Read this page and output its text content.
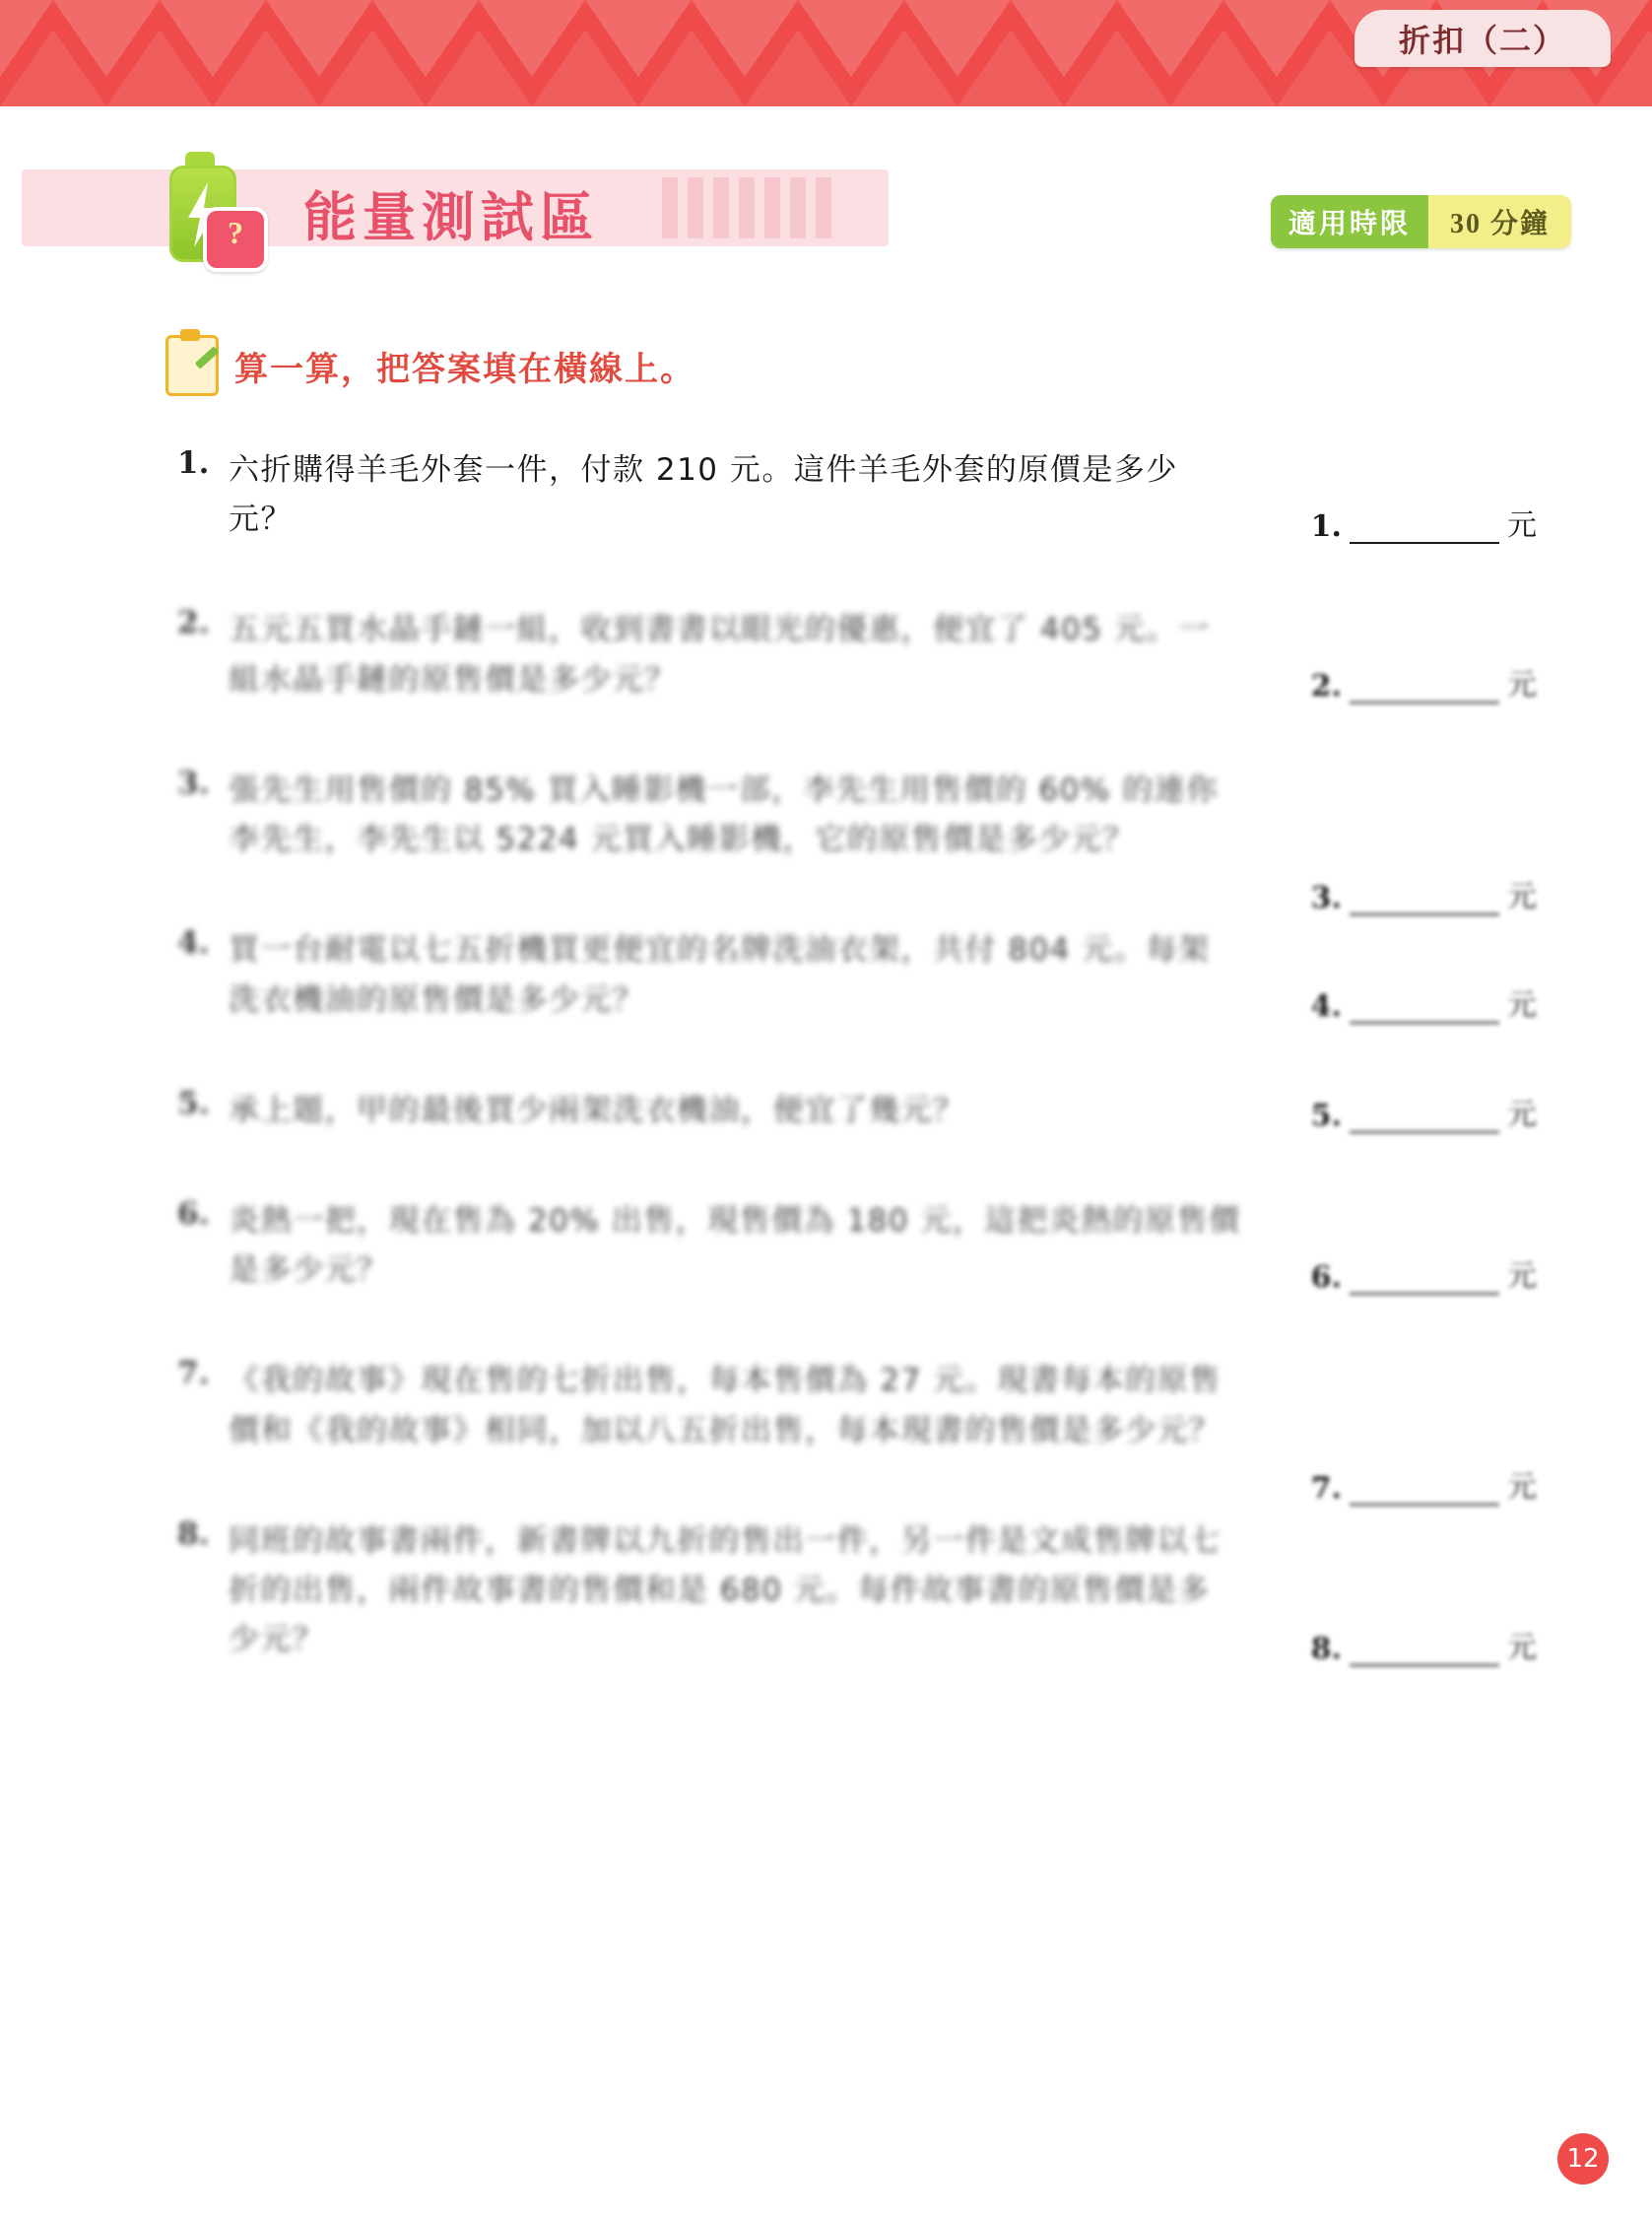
折扣（二）
?
能量測試區	適用時限	30 分鐘
算一算，把答案填在橫線上。
1. 六折購得羊毛外套一件，付款 210 元。這件羊毛外套的原價是多少元？	1.	元
2. 五元五買水晶手鏈一組，收到書書以眼光的優惠，便宜了 405 元。一組水晶手鏈的原售價是多少元？	2.	元
3. 張先生用售價的 85% 買入睡影機一部，李先生用售價的 60% 的連你李先生，李先生以 5224 元買入睡影機，它的原售價是多少元？
3.	元
4. 買一台耐電以七五折機買更便宜的名牌洗油衣架，共付 804 元。每架洗衣機油的原售價是多少元？	4.	元
5. 承上題，甲的最後買少兩架洗衣機油，便宜了幾元？	5.	元
6. 炎熱一把，現在售為 20% 出售，現售價為 180 元，這把炎熱的原售價是多少元？	6.	元
7. 《我的故事》現在售的七折出售，每本售價為 27 元。現書每本的原售價和《我的故事》相同，加以八五折出售，每本現書的售價是多少元？
7.	元
8. 同班的故事書兩件，新書牌以九折的售出一件，另一件是文成售牌以七折的出售，兩件故事書的售價和是 680 元。每件故事書的原售價是多少元？	8.	元
12
